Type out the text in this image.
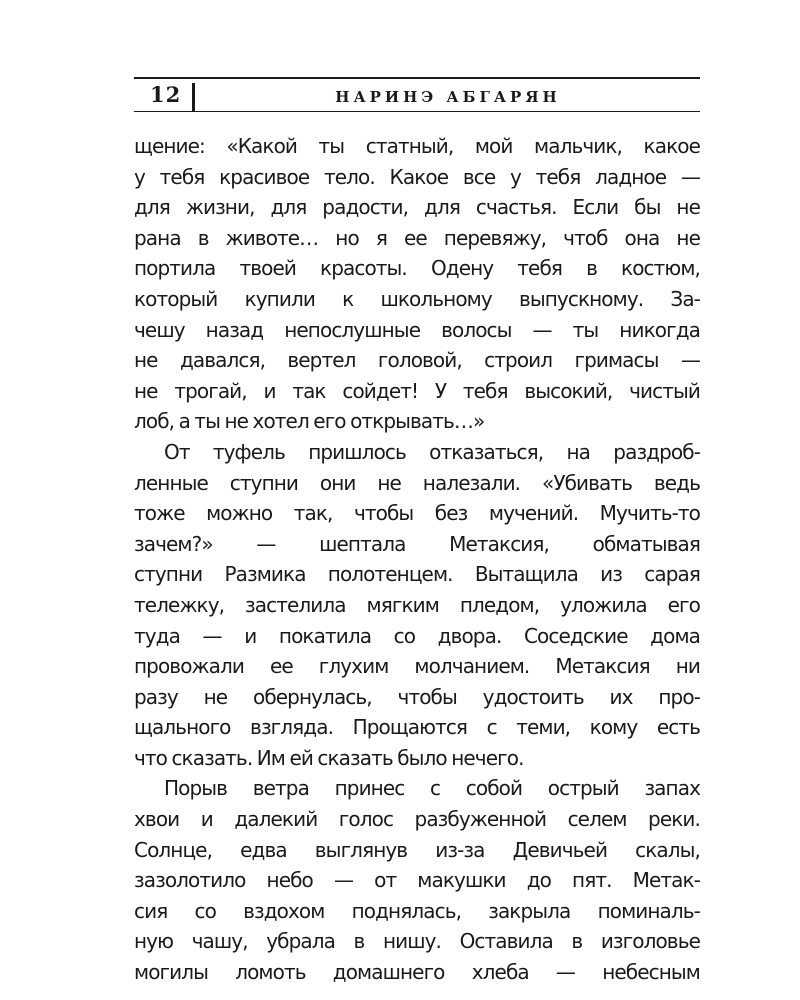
12	НАРИНЭ АБГАРЯН
щение: «Какой ты статный, мой мальчик, какое
у тебя красивое тело. Какое все у тебя ладное —
для жизни, для радости, для счастья. Если бы не
рана в животе… но я ее перевяжу, чтоб она не
портила твоей красоты. Одену тебя в костюм,
который купили к школьному выпускному. За-
чешу назад непослушные волосы — ты никогда
не давался, вертел головой, строил гримасы —
не трогай, и так сойдет! У тебя высокий, чистый
лоб, а ты не хотел его открывать…»
От туфель пришлось отказаться, на раздроб-
ленные ступни они не налезали. «Убивать ведь
тоже можно так, чтобы без мучений. Мучить-то
зачем?» — шептала Метаксия, обматывая
ступни Размика полотенцем. Вытащила из сарая
тележку, застелила мягким пледом, уложила его
туда — и покатила со двора. Соседские дома
провожали ее глухим молчанием. Метаксия ни
разу не обернулась, чтобы удостоить их про-
щального взгляда. Прощаются с теми, кому есть
что сказать. Им ей сказать было нечего.
Порыв ветра принес с собой острый запах
хвои и далекий голос разбуженной селем реки.
Солнце, едва выглянув из-за Девичьей скалы,
зазолотило небо — от макушки до пят. Метак-
сия со вздохом поднялась, закрыла поминаль-
ную чашу, убрала в нишу. Оставила в изголовье
могилы ломоть домашнего хлеба — небесным
